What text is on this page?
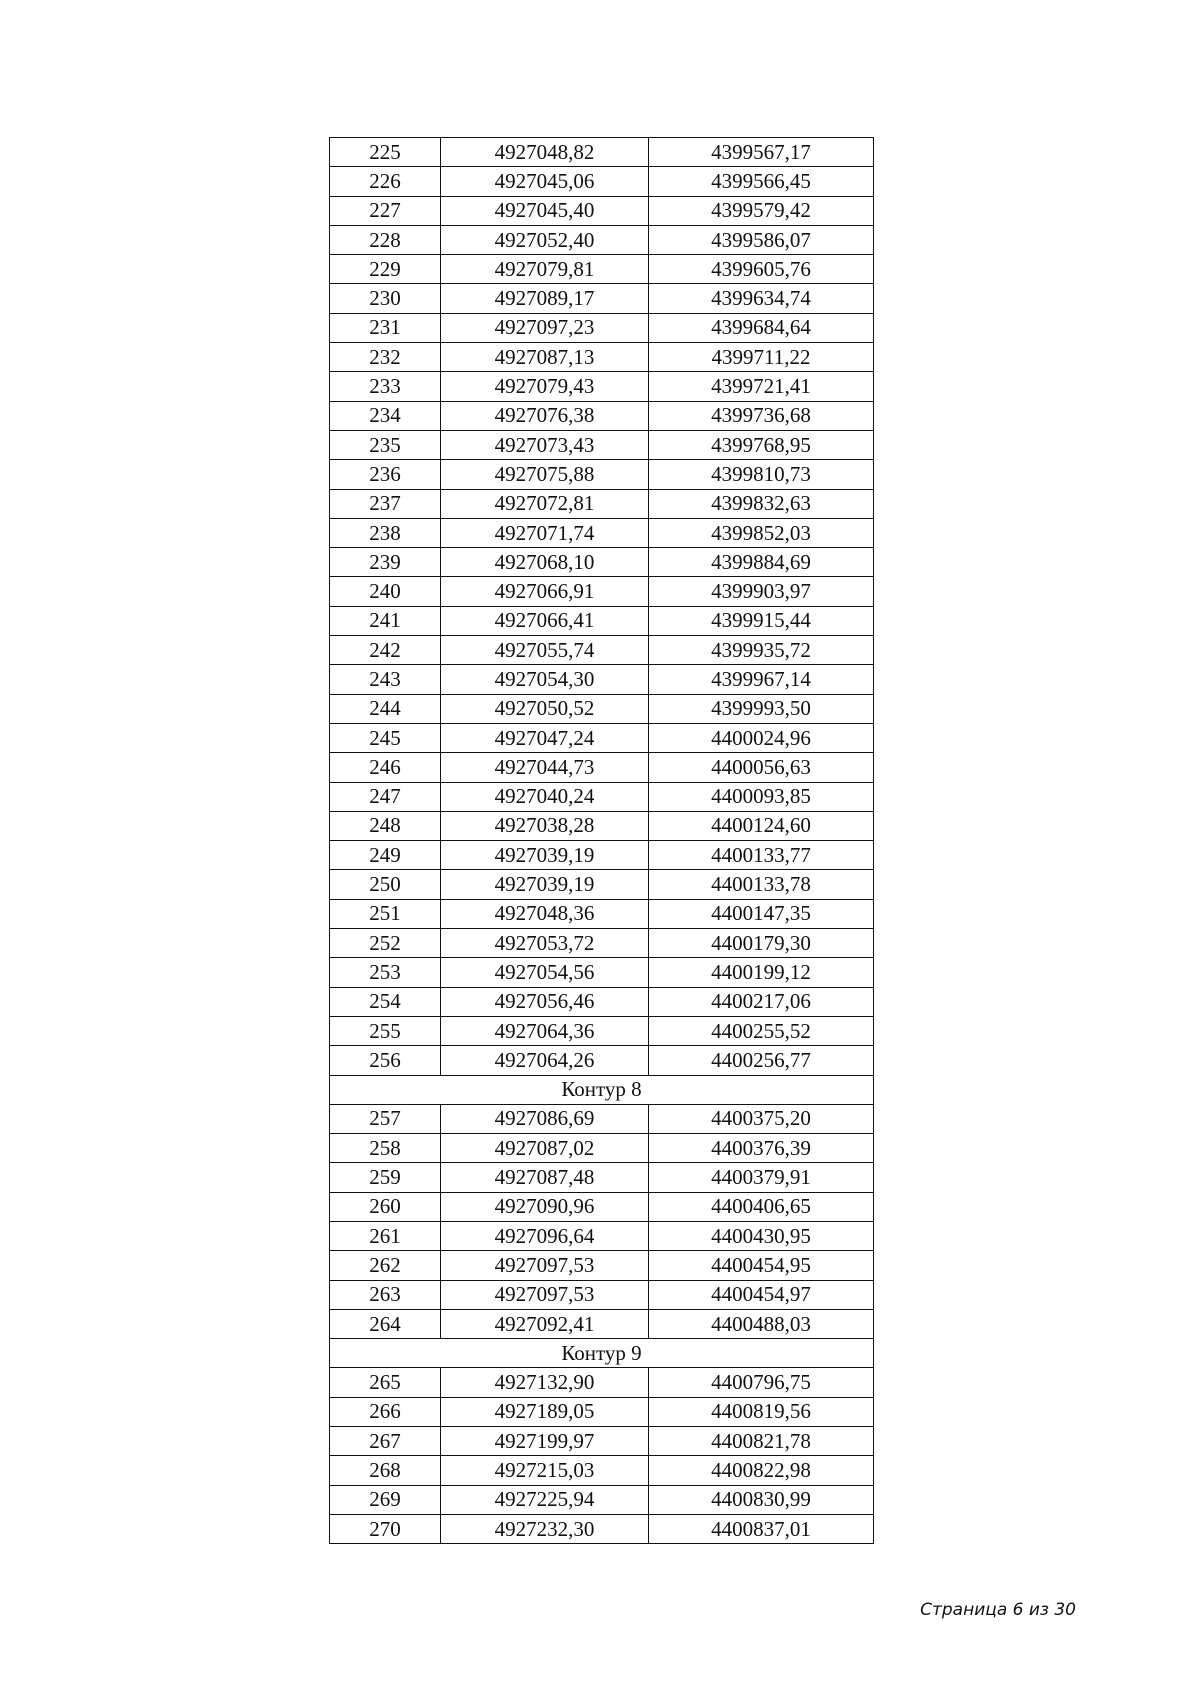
225	4927048,82	4399567,17
226	4927045,06	4399566,45
227	4927045,40	4399579,42
228	4927052,40	4399586,07
229	4927079,81	4399605,76
230	4927089,17	4399634,74
231	4927097,23	4399684,64
232	4927087,13	4399711,22
233	4927079,43	4399721,41
234	4927076,38	4399736,68
235	4927073,43	4399768,95
236	4927075,88	4399810,73
237	4927072,81	4399832,63
238	4927071,74	4399852,03
239	4927068,10	4399884,69
240	4927066,91	4399903,97
241	4927066,41	4399915,44
242	4927055,74	4399935,72
243	4927054,30	4399967,14
244	4927050,52	4399993,50
245	4927047,24	4400024,96
246	4927044,73	4400056,63
247	4927040,24	4400093,85
248	4927038,28	4400124,60
249	4927039,19	4400133,77
250	4927039,19	4400133,78
251	4927048,36	4400147,35
252	4927053,72	4400179,30
253	4927054,56	4400199,12
254	4927056,46	4400217,06
255	4927064,36	4400255,52
256	4927064,26	4400256,77
Контур 8		
257	4927086,69	4400375,20
258	4927087,02	4400376,39
259	4927087,48	4400379,91
260	4927090,96	4400406,65
261	4927096,64	4400430,95
262	4927097,53	4400454,95
263	4927097,53	4400454,97
264	4927092,41	4400488,03
Контур 9		
265	4927132,90	4400796,75
266	4927189,05	4400819,56
267	4927199,97	4400821,78
268	4927215,03	4400822,98
269	4927225,94	4400830,99
270	4927232,30	4400837,01
Страница 6 из 30
